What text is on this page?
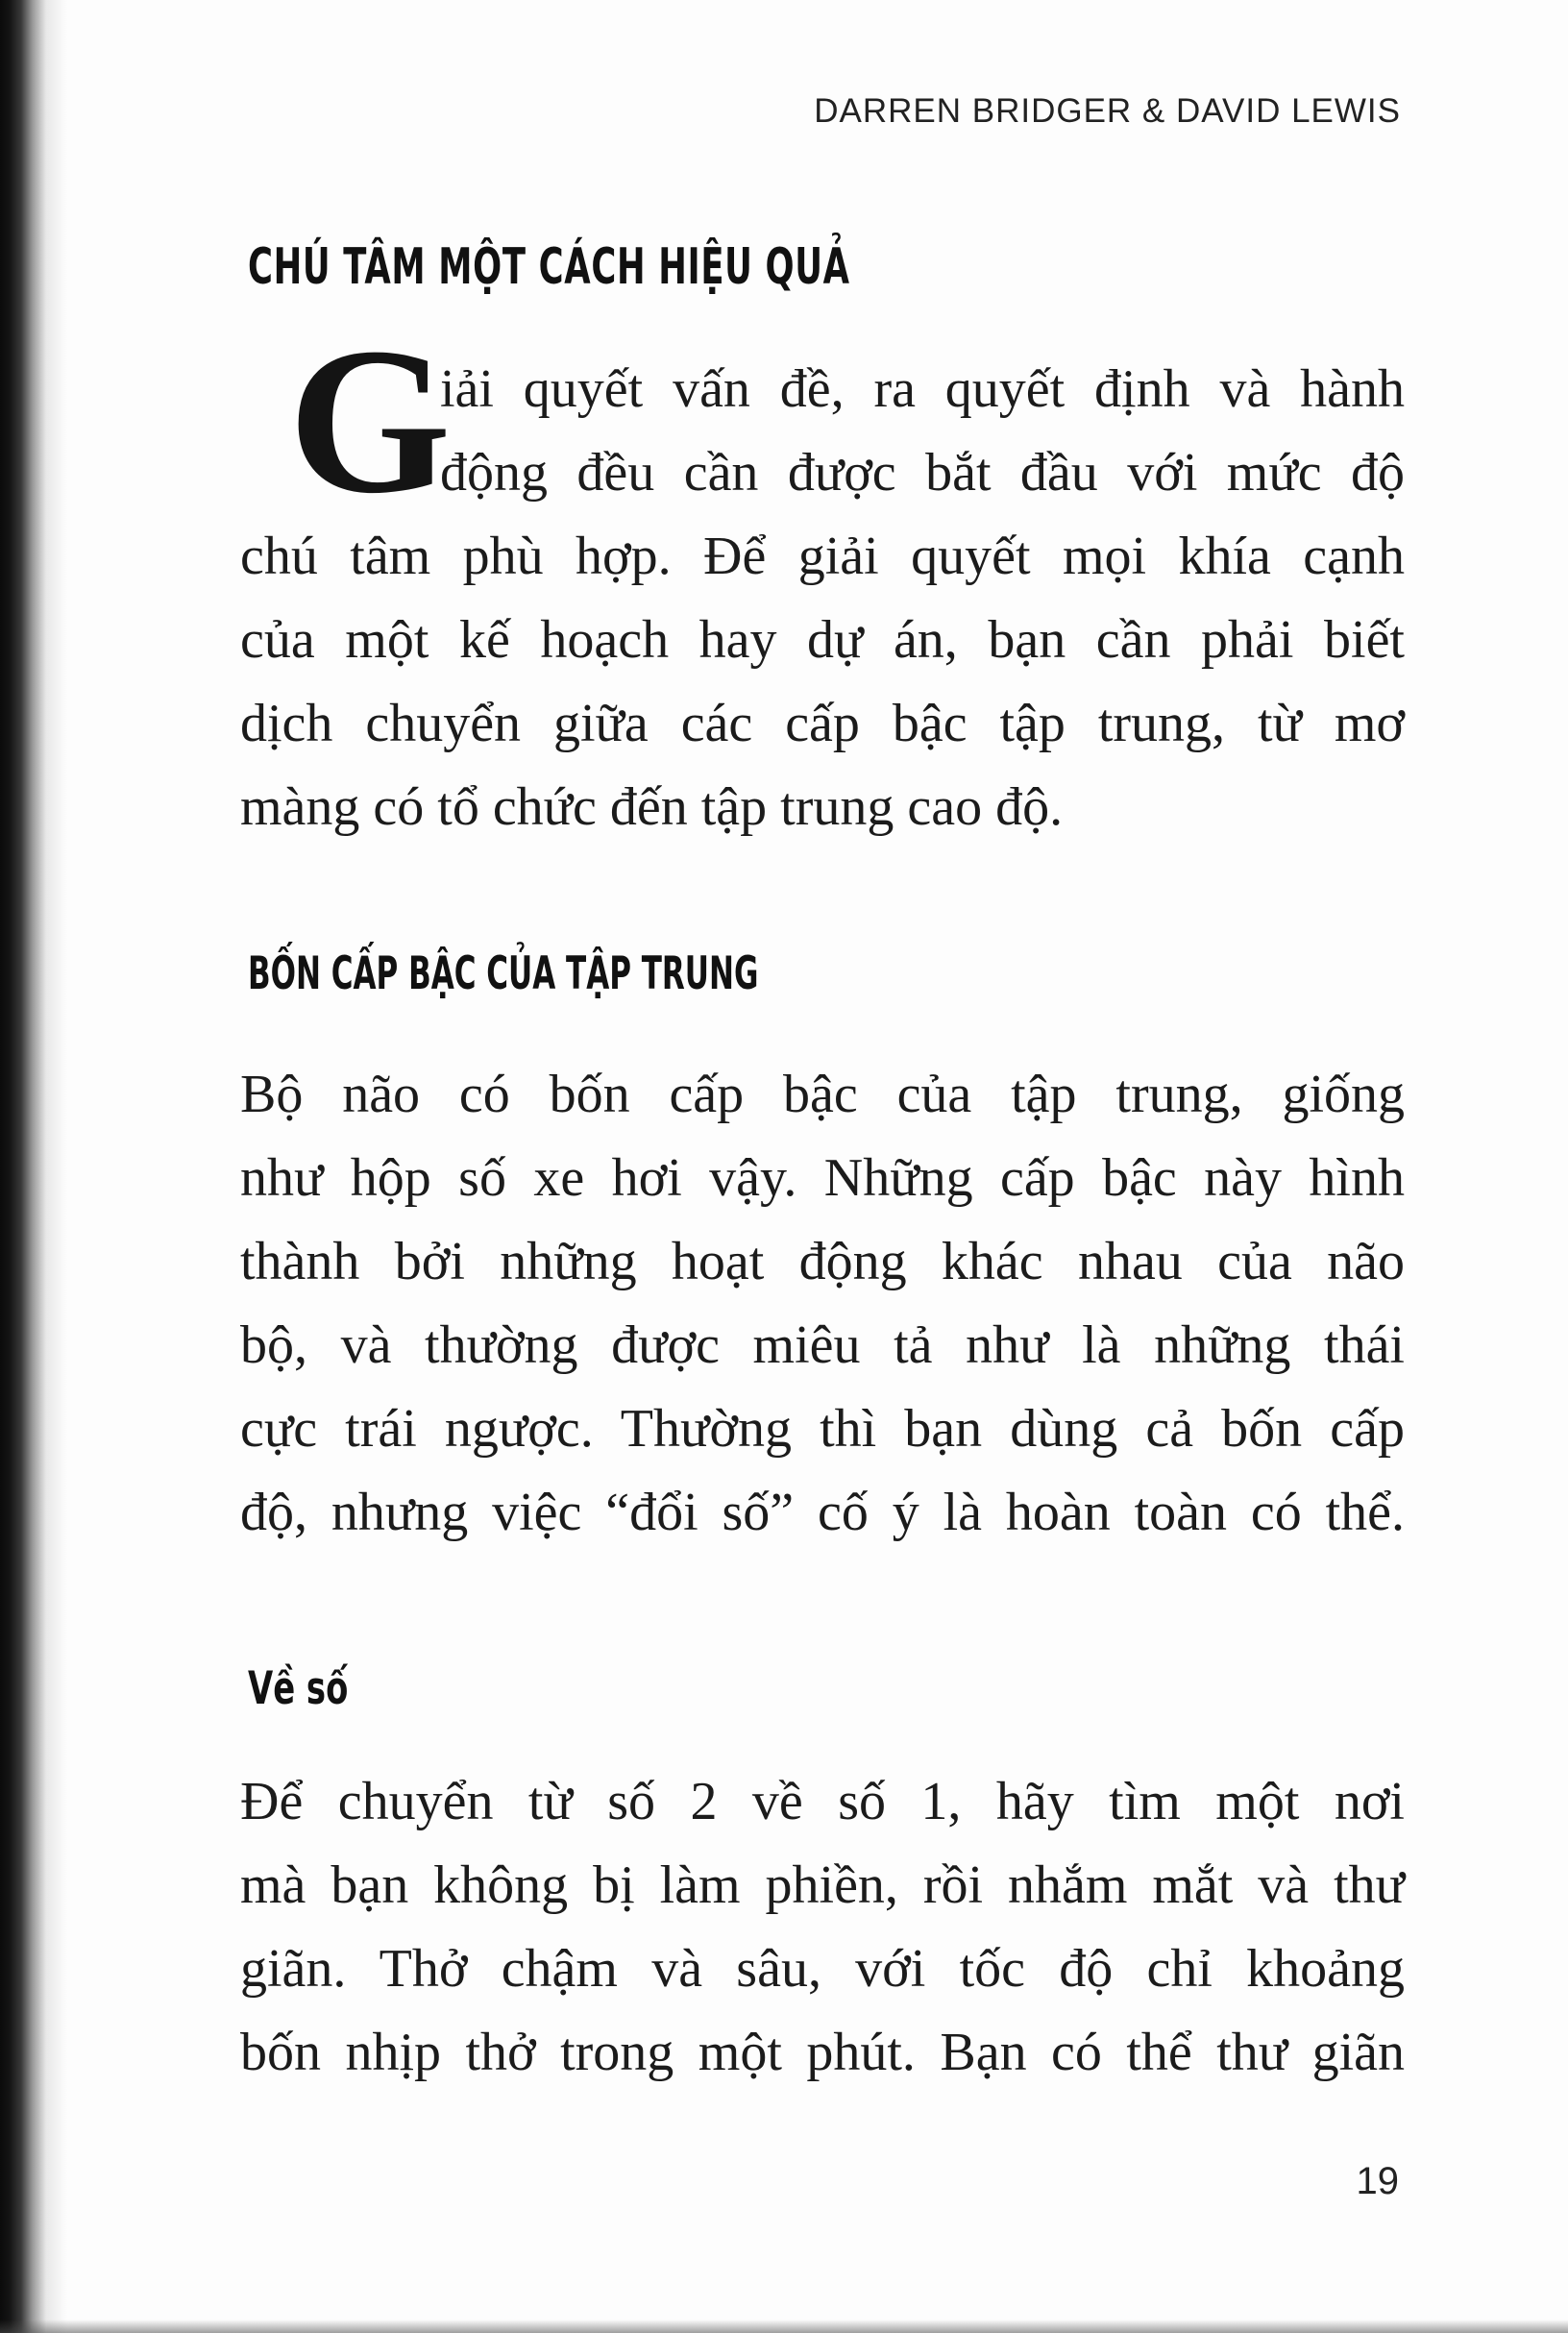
DARREN BRIDGER & DAVID LEWIS
CHÚ TÂM MỘT CÁCH HIỆU QUẢ
G
iải quyết vấn đề, ra quyết định và hành
động đều cần được bắt đầu với mức độ
chú tâm phù hợp. Để giải quyết mọi khía cạnh
của một kế hoạch hay dự án, bạn cần phải biết
dịch chuyển giữa các cấp bậc tập trung, từ mơ
màng có tổ chức đến tập trung cao độ.
BỐN CẤP BẬC CỦA TẬP TRUNG
Bộ não có bốn cấp bậc của tập trung, giống
như hộp số xe hơi vậy. Những cấp bậc này hình
thành bởi những hoạt động khác nhau của não
bộ, và thường được miêu tả như là những thái
cực trái ngược. Thường thì bạn dùng cả bốn cấp
độ, nhưng việc “đổi số” cố ý là hoàn toàn có thể.
Về số
Để chuyển từ số 2 về số 1, hãy tìm một nơi
mà bạn không bị làm phiền, rồi nhắm mắt và thư
giãn. Thở chậm và sâu, với tốc độ chỉ khoảng
bốn nhịp thở trong một phút. Bạn có thể thư giãn
19
